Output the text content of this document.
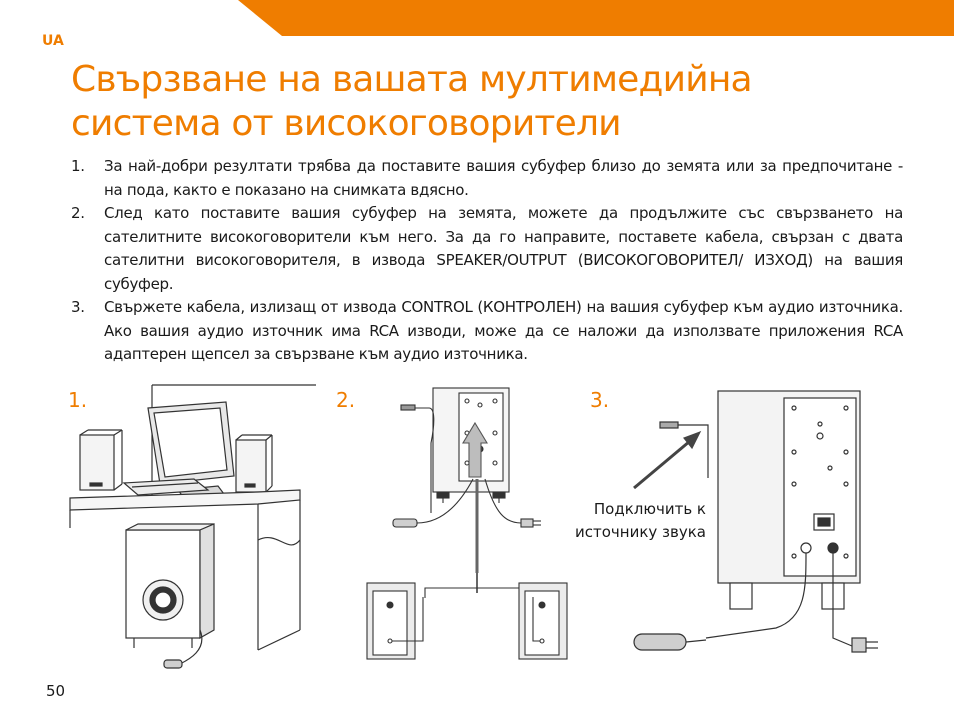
UA
Свързване на вашата мултимедийна
система от високоговорители
1. За най-добри резултати трябва да поставите вашия субуфер близо до земята или за предпочитане - на пода, както е показано на снимката вдясно.
2. След като поставите вашия субуфер на земята, можете да продължите със свързването на сателитните високоговорители към него. За да го направите, поставете кабела, свързан с двата сателитни високоговорителя, в извода SPEAKER/OUTPUT (ВИСОКОГОВОРИТЕЛ/ ИЗХОД) на вашия субуфер.
3. Свържете кабела, излизащ от извода CONTROL (КОНТРОЛЕН) на вашия субуфер към аудио източника. Ако вашия аудио източник има RCA изводи, може да се наложи да използвате приложения RCA адаптерен щепсел за свързване към аудио източника.
1.	2.	3.
Подключить к источнику звука
50
